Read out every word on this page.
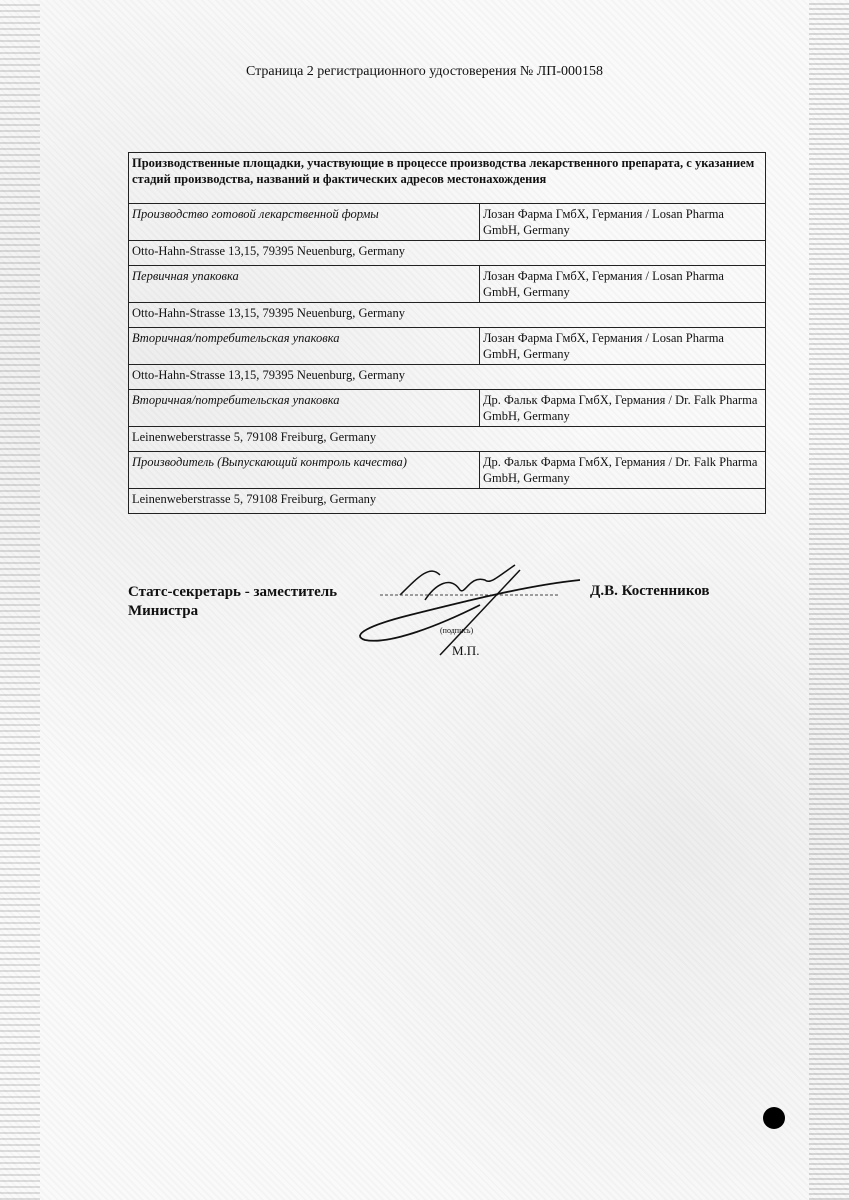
Страница 2 регистрационного удостоверения № ЛП-000158
Производственные площадки, участвующие в процессе производства лекарственного препарата, с указанием стадий производства, названий и фактических адресов местонахождения	
Производство готовой лекарственной формы	Лозан Фарма ГмбХ, Германия / Losan Pharma GmbH, Germany
Otto-Hahn-Strasse 13,15, 79395 Neuenburg, Germany	
Первичная упаковка	Лозан Фарма ГмбХ, Германия / Losan Pharma GmbH, Germany
Otto-Hahn-Strasse 13,15, 79395 Neuenburg, Germany	
Вторичная/потребительская упаковка	Лозан Фарма ГмбХ, Германия / Losan Pharma GmbH, Germany
Otto-Hahn-Strasse 13,15, 79395 Neuenburg, Germany	
Вторичная/потребительская упаковка	Др. Фальк Фарма ГмбХ, Германия / Dr. Falk Pharma GmbH, Germany
Leinenweberstrasse 5, 79108 Freiburg, Germany	
Производитель (Выпускающий контроль качества)	Др. Фальк Фарма ГмбХ, Германия / Dr. Falk Pharma GmbH, Germany
Leinenweberstrasse 5, 79108 Freiburg, Germany	
Статс-секретарь - заместитель Министра
Д.В. Костенников
(подпись)
М.П.
